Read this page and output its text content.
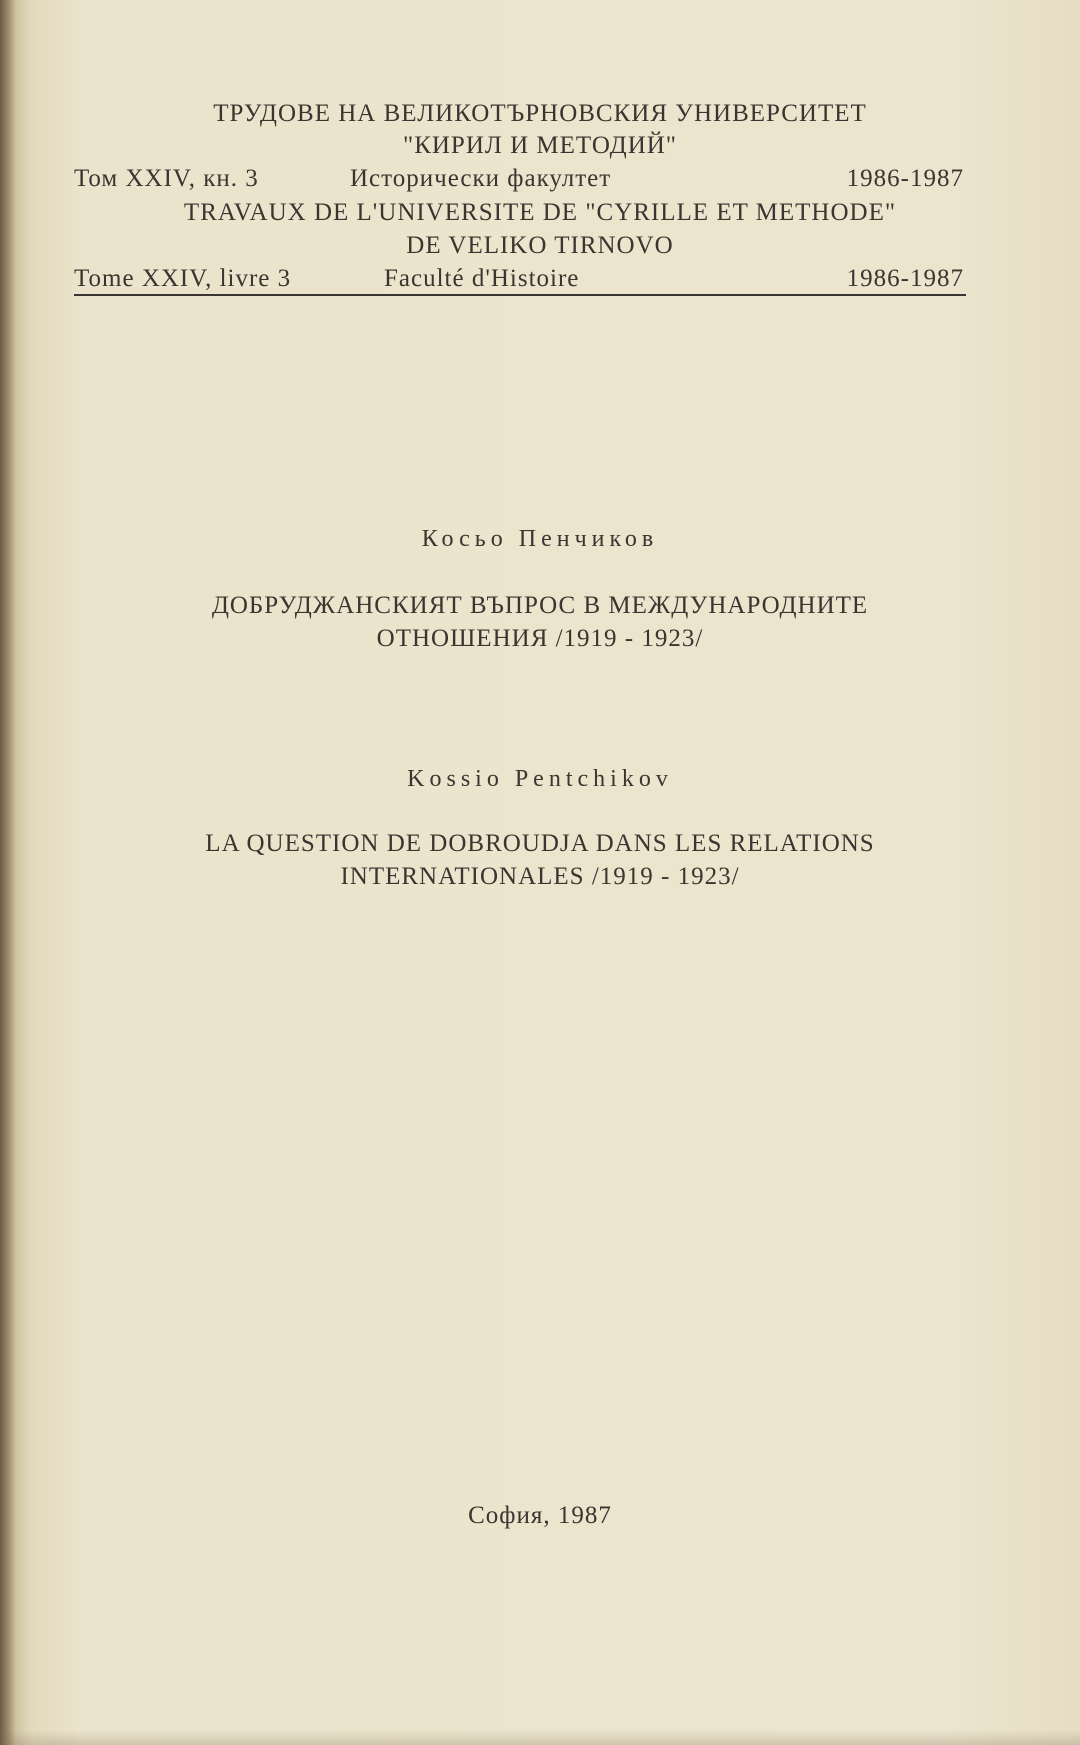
ТРУДОВЕ НА ВЕЛИКОТЪРНОВСКИЯ УНИВЕРСИТЕТ
"КИРИЛ И МЕТОДИЙ"
Том XXIV, кн. 3	Исторически факултет	1986-1987
TRAVAUX DE L'UNIVERSITE DE "CYRILLE ET METHODE"
DE VELIKO TIRNOVO
Tome XXIV, livre 3	Faculté d'Histoire	1986-1987
Косьо Пенчиков
ДОБРУДЖАНСКИЯТ ВЪПРОС В МЕЖДУНАРОДНИТЕ
ОТНОШЕНИЯ /1919 - 1923/
Kossio Pentchikov
LA QUESTION DE DOBROUDJA DANS LES RELATIONS
INTERNATIONALES /1919 - 1923/
София, 1987
